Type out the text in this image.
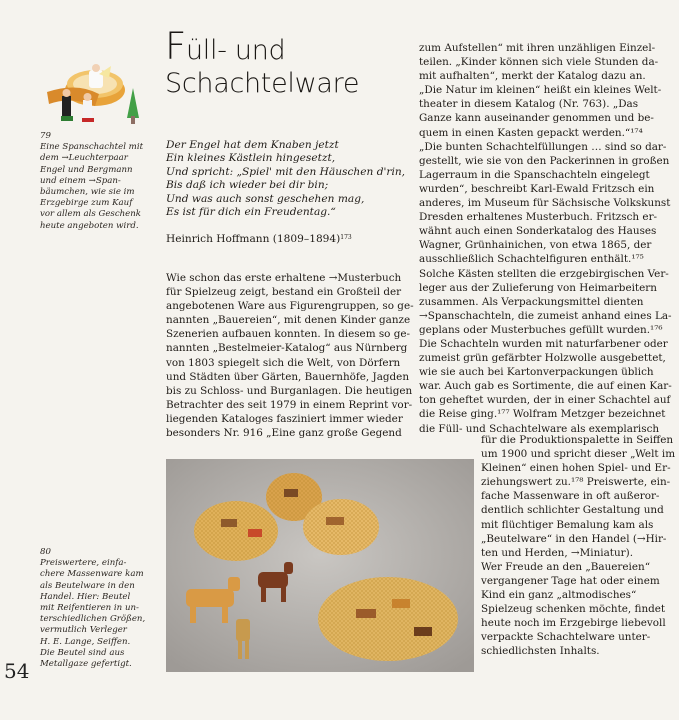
79

Eine Spanschachtel mit

dem →Leuchterpaar

Engel und Bergmann

und einem →Span-

bäumchen, wie sie im

Erzgebirge zum Kauf

vor allem als Geschenk

heute angeboten wird.

Füll- und
Schachtelware

Der Engel hat dem Knaben jetzt

Ein kleines Kästlein hingesetzt,

Und spricht: „Spiel' mit den Häuschen d'rin,

Bis daß ich wieder bei dir bin;

Und was auch sonst geschehen mag,

Es ist für dich ein Freudentag.“

Heinrich Hoffmann (1809–1894)$^{173}$

Wie schon das erste erhaltene →Musterbuch

für Spielzeug zeigt, bestand ein Großteil der

angebotenen Ware aus Figurengruppen, so ge-

nannten „Bauereien“, mit denen Kinder ganze

Szenerien aufbauen konnten. In diesem so ge-

nannten „Bestelmeier-Katalog“ aus Nürnberg

von 1803 spiegelt sich die Welt, von Dörfern

und Städten über Gärten, Bauernhöfe, Jagden

bis zu Schloss- und Burganlagen. Die heutigen

Betrachter des seit 1979 in einem Reprint vor-

liegenden Kataloges fasziniert immer wieder

besonders Nr. 916 „Eine ganz große Gegend

zum Aufstellen“ mit ihren unzähligen Einzel-

teilen. „Kinder können sich viele Stunden da-

mit aufhalten“, merkt der Katalog dazu an.

„Die Natur im kleinen“ heißt ein kleines Welt-

theater in diesem Katalog (Nr. 763). „Das

Ganze kann auseinander genommen und be-

quem in einen Kasten gepackt werden.“¹⁷⁴

„Die bunten Schachtelfüllungen … sind so dar-

gestellt, wie sie von den Packerinnen in großen

Lagerraum in die Spanschachteln eingelegt

wurden“, beschreibt Karl-Ewald Fritzsch ein

anderes, im Museum für Sächsische Volkskunst

Dresden erhaltenes Musterbuch. Fritzsch er-

wähnt auch einen Sonderkatalog des Hauses

Wagner, Grünhainichen, von etwa 1865, der

ausschließlich Schachtelfiguren enthält.¹⁷⁵

Solche Kästen stellten die erzgebirgischen Ver-

leger aus der Zulieferung von Heimarbeitern

zusammen. Als Verpackungsmittel dienten

→Spanschachteln, die zumeist anhand eines La-

geplans oder Musterbuches gefüllt wurden.¹⁷⁶

Die Schachteln wurden mit naturfarbener oder

zumeist grün gefärbter Holzwolle ausgebettet,

wie sie auch bei Kartonverpackungen üblich

war. Auch gab es Sortimente, die auf einen Kar-

ton geheftet wurden, der in einer Schachtel auf

die Reise ging.¹⁷⁷ Wolfram Metzger bezeichnet

die Füll- und Schachtelware als exemplarisch

für die Produktionspalette in Seiffen

um 1900 und spricht dieser „Welt im

Kleinen“ einen hohen Spiel- und Er-

ziehungswert zu.¹⁷⁸ Preiswerte, ein-

fache Massenware in oft außeror-

dentlich schlichter Gestaltung und

mit flüchtiger Bemalung kam als

„Beutelware“ in den Handel (→Hir-

ten und Herden, →Miniatur).

Wer Freude an den „Bauereien“

vergangener Tage hat oder einem

Kind ein ganz „altmodisches“

Spielzeug schenken möchte, findet

heute noch im Erzgebirge liebevoll

verpackte Schachtelware unter-

schiedlichsten Inhalts.

80

Preiswertere, einfa-

chere Massenware kam

als Beutelware in den

Handel. Hier: Beutel

mit Reifentieren in un-

terschiedlichen Größen,

vermutlich Verleger

H. E. Lange, Seiffen.

Die Beutel sind aus

Metallgaze gefertigt.

54
